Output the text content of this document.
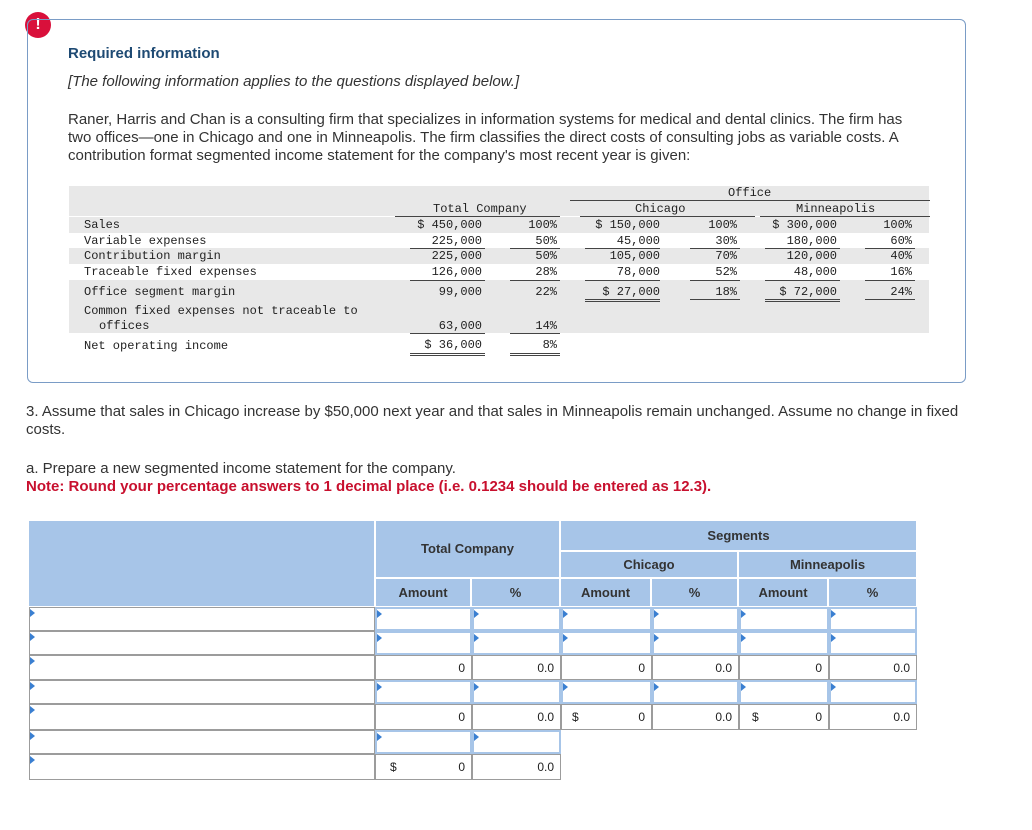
!
Required information
[The following information applies to the questions displayed below.]
Raner, Harris and Chan is a consulting firm that specializes in information systems for medical and dental clinics. The firm has two offices—one in Chicago and one in Minneapolis. The firm classifies the direct costs of consulting jobs as variable costs. A contribution format segmented income statement for the company's most recent year is given:
Office
Total Company	Chicago	Minneapolis
Sales	$ 450,000	100%	$ 150,000	100%	$ 300,000	100%
Variable expenses	225,000	50%	45,000	30%	180,000	60%
Contribution margin	225,000	50%	105,000	70%	120,000	40%
Traceable fixed expenses	126,000	28%	78,000	52%	48,000	16%
Office segment margin	99,000	22%	$ 27,000	18%	$ 72,000	24%
Common fixed expenses not traceable to
offices	63,000	14%
Net operating income	$ 36,000	8%
3. Assume that sales in Chicago increase by $50,000 next year and that sales in Minneapolis remain unchanged. Assume no change in fixed costs.
a. Prepare a new segmented income statement for the company.
Note: Round your percentage answers to 1 decimal place (i.e. 0.1234 should be entered as 12.3).
Total Company
Segments
Chicago	Minneapolis
Amount	%	Amount	%	Amount	%
0	0.0	0	0.0	0	0.0
0	0.0 $	0	0.0 $	0	0.0
$	0	0.0
